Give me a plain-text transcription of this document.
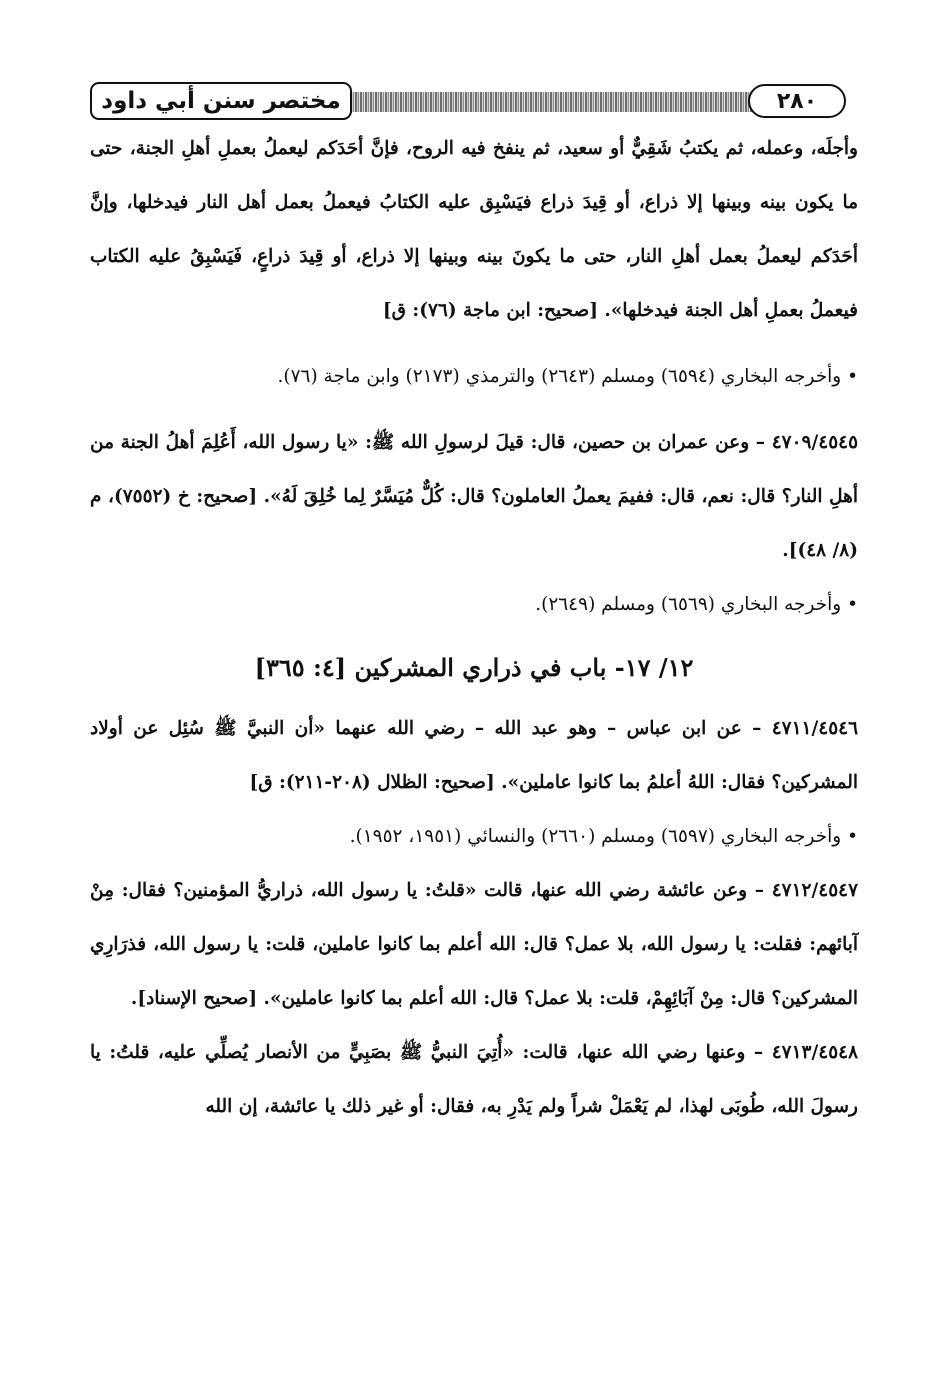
مختصر سنن أبي داود	٢٨٠

وأجلَه، وعمله، ثم يكتبُ شَقِيٌّ أو سعيد، ثم ينفخ فيه الروح، فإنَّ أحَدَكم ليعملُ بعملِ أهلِ الجنة، حتى ما يكون بينه وبينها إلا ذراع، أو قِيدَ ذراع فيَسْبِق عليه الكتابُ فيعملُ بعمل أهل النار فيدخلها، وإنَّ أحَدَكم ليعملُ بعمل أهلِ النار، حتى ما يكونَ بينه وبينها إلا ذراع، أو قِيدَ ذراعٍ، فَيَسْبِقُ عليه الكتاب فيعملُ بعملِ أهل الجنة فيدخلها». [صحيح: ابن ماجة (٧٦): ق]

• وأخرجه البخاري (٦٥٩٤) ومسلم (٢٦٤٣) والترمذي (٢١٧٣) وابن ماجة (٧٦).

٤٧٠٩/٤٥٤٥ – وعن عمران بن حصين، قال: قيلَ لرسولِ الله ﷺ: «يا رسول الله، أَعُلِمَ أهلُ الجنة من أهلِ النار؟ قال: نعم، قال: ففيمَ يعملُ العاملون؟ قال: كُلٌّ مُيَسَّرٌ لِما خُلِقَ لَهُ». [صحيح: خ (٧٥٥٢)، م (٨/ ٤٨)].

• وأخرجه البخاري (٦٥٦٩) ومسلم (٢٦٤٩).

١٢/ ١٧- باب في ذراري المشركين [٤: ٣٦٥]

٤٧١١/٤٥٤٦ – عن ابن عباس – وهو عبد الله – رضي الله عنهما «أن النبيَّ ﷺ سُئِل عن أولاد المشركين؟ فقال: اللهُ أعلمُ بما كانوا عاملين». [صحيح: الظلال (٢٠٨-٢١١): ق]

• وأخرجه البخاري (٦٥٩٧) ومسلم (٢٦٦٠) والنسائي (١٩٥١، ١٩٥٢).

٤٧١٢/٤٥٤٧ – وعن عائشة رضي الله عنها، قالت «قلتُ: يا رسول الله، ذراريُّ المؤمنين؟ فقال: مِنْ آبائهم: فقلت: يا رسول الله، بلا عمل؟ قال: الله أعلم بما كانوا عاملين، قلت: يا رسول الله، فذرَارِي المشركين؟ قال: مِنْ آبَائِهِمْ، قلت: بلا عمل؟ قال: الله أعلم بما كانوا عاملين». [صحيح الإسناد].

٤٧١٣/٤٥٤٨ – وعنها رضي الله عنها، قالت: «أُتِيَ النبيُّ ﷺ بصَبِيٍّ من الأنصار يُصلِّي عليه، قلتُ: يا رسولَ الله، طُوبَى لهذا، لم يَعْمَلْ شراً ولم يَدْرِ به، فقال: أو غير ذلك يا عائشة، إن الله
